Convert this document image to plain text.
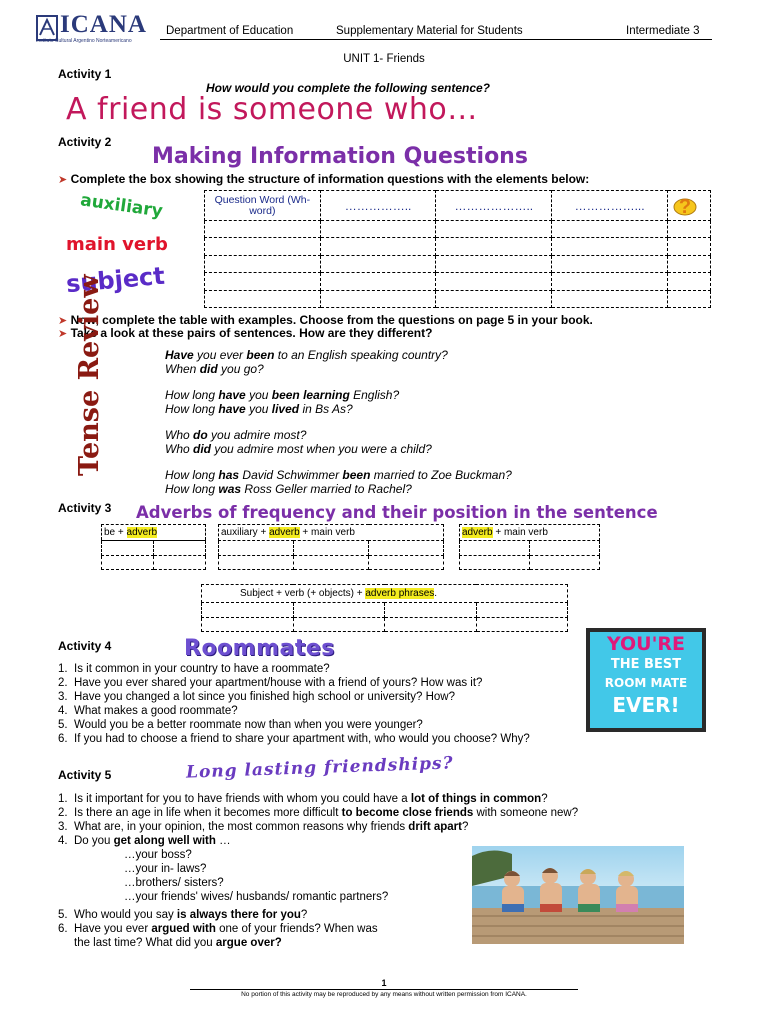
ICANA
Instituto Cultural Argentino Norteamericano
Department of Education	Supplementary Material for Students	Intermediate 3
UNIT 1- Friends
Activity 1
How would you complete the following sentence?
A friend is someone who…
Activity 2
Making Information Questions
➤ Complete the box showing the structure of information questions with the elements below:
auxiliary
main verb
subject
Question Word (Wh-word)	……………..	………………..	……………...	?

➤ Now, complete the table with examples. Choose from the questions on page 5 in your book.
➤ Take a look at these pairs of sentences. How are they different?
Tense Review	Have you ever been to an English speaking country?
When did you go?
How long have you been learning English?
How long have you lived in Bs As?
Who do you admire most?
Who did you admire most when you were a child?
How long has David Schwimmer been married to Zoe Buckman?
How long was Ross Geller married to Rachel?
Activity 3 Adverbs of frequency and their position in the sentence
be + adverb	

		auxiliary + adverb + main verb		

			adverb + main verb	

Subject + verb (+ objects) + adverb phrases.			

Activity 4	Roommates	YOU'RE
THE BEST
ROOM MATE
EVER!
1. Is it common in your country to have a roommate?
2. Have you ever shared your apartment/house with a friend of yours? How was it?
3. Have you changed a lot since you finished high school or university? How?
4. What makes a good roommate?
5. Would you be a better roommate now than when you were younger?
6. If you had to choose a friend to share your apartment with, who would you choose? Why?
Activity 5	Long lasting friendships?
1. Is it important for you to have friends with whom you could have a lot of things in common?
2. Is there an age in life when it becomes more difficult to become close friends with someone new?
3. What are, in your opinion, the most common reasons why friends drift apart?
4. Do you get along well with …
…your boss?
…your in- laws?
…brothers/ sisters?
…your friends' wives/ husbands/ romantic partners?
5. Who would you say is always there for you?
6. Have you ever argued with one of your friends? When was
the last time? What did you argue over?
1
No portion of this activity may be reproduced by any means without written permission from ICANA.
